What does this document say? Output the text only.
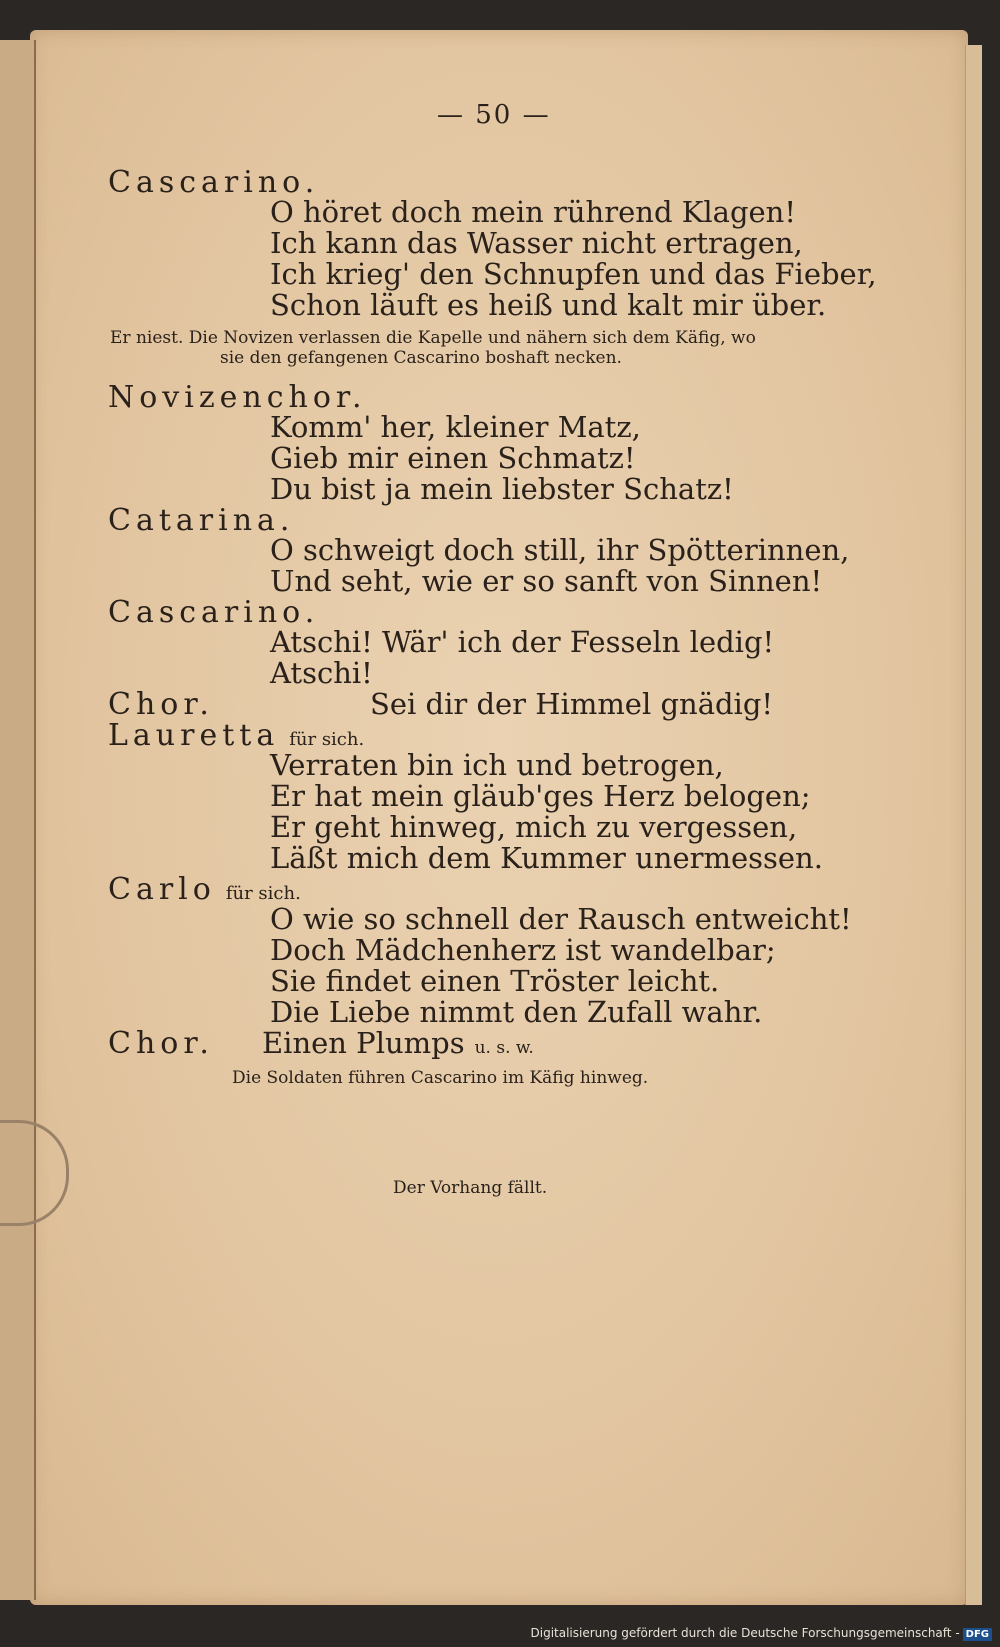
— 50 —
Cascarino.
O höret doch mein rührend Klagen!
Ich kann das Wasser nicht ertragen,
Ich krieg' den Schnupfen und das Fieber,
Schon läuft es heiß und kalt mir über.
Er niest. Die Novizen verlassen die Kapelle und nähern sich dem Käfig, wo
sie den gefangenen Cascarino boshaft necken.
Novizenchor.
Komm' her, kleiner Matz,
Gieb mir einen Schmatz!
Du bist ja mein liebster Schatz!
Catarina.
O schweigt doch still, ihr Spötterinnen,
Und seht, wie er so sanft von Sinnen!
Cascarino.
Atschi! Wär' ich der Fesseln ledig!
Atschi!
Chor.	Sei dir der Himmel gnädig!
Lauretta für sich.
Verraten bin ich und betrogen,
Er hat mein gläub'ges Herz belogen;
Er geht hinweg, mich zu vergessen,
Läßt mich dem Kummer unermessen.
Carlo für sich.
O wie so schnell der Rausch entweicht!
Doch Mädchenherz ist wandelbar;
Sie findet einen Tröster leicht.
Die Liebe nimmt den Zufall wahr.
Chor. Einen Plumps u. s. w.
Die Soldaten führen Cascarino im Käfig hinweg.
Der Vorhang fällt.
Digitalisierung gefördert durch die Deutsche Forschungsgemeinschaft - DFG
